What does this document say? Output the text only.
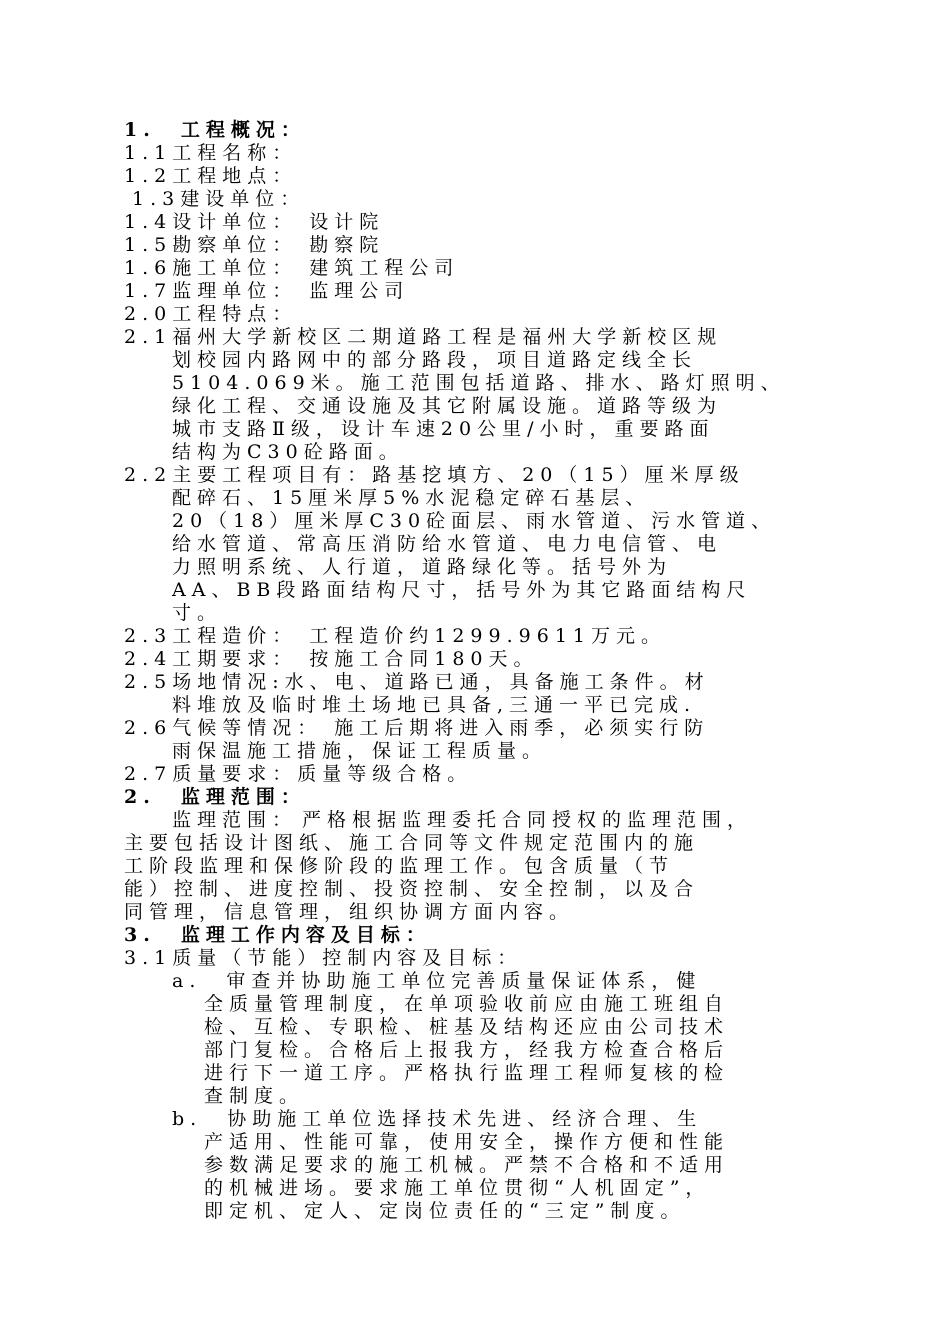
1.　工程概况：
1.1工程名称：
1.2工程地点：
1.3建设单位：
1.4设计单位： 设计院
1.5勘察单位： 勘察院
1.6施工单位： 建筑工程公司
1.7监理单位： 监理公司
2.0工程特点：
2.1福州大学新校区二期道路工程是福州大学新校区规
划校园内路网中的部分路段，项目道路定线全长
5104.069米。施工范围包括道路、排水、路灯照明、
绿化工程、交通设施及其它附属设施。道路等级为
城市支路Ⅱ级，设计车速20公里/小时，重要路面
结构为C30砼路面。
2.2主要工程项目有：路基挖填方、20（15）厘米厚级
配碎石、15厘米厚5%水泥稳定碎石基层、
20（18）厘米厚C30砼面层、雨水管道、污水管道、
给水管道、常高压消防给水管道、电力电信管、电
力照明系统、人行道，道路绿化等。括号外为
AA、BB段路面结构尺寸，括号外为其它路面结构尺
寸。
2.3工程造价： 工程造价约1299.9611万元。
2.4工期要求： 按施工合同180天。
2.5场地情况:水、电、道路已通，具备施工条件。材
料堆放及临时堆土场地已具备,三通一平已完成.
2.6气候等情况： 施工后期将进入雨季，必须实行防
雨保温施工措施，保证工程质量。
2.7质量要求：质量等级合格。
2.　监理范围：
严格根据监理委托合同授权的监理范围，
监理范围：
主要包括设计图纸、施工合同等文件规定范围内的施
工阶段监理和保修阶段的监理工作。包含质量（节
能）控制、进度控制、投资控制、安全控制，以及合
同管理，信息管理，组织协调方面内容。
3.　监理工作内容及目标：
3.1质量（节能）控制内容及目标：
a.　审查并协助施工单位完善质量保证体系，健
全质量管理制度，在单项验收前应由施工班组自
检、互检、专职检、桩基及结构还应由公司技术
部门复检。合格后上报我方，经我方检查合格后
进行下一道工序。严格执行监理工程师复核的检
查制度。
b.　协助施工单位选择技术先进、经济合理、生
产适用、性能可靠，使用安全，操作方便和性能
参数满足要求的施工机械。严禁不合格和不适用
的机械进场。要求施工单位贯彻“人机固定”，
即定机、定人、定岗位责任的“三定”制度。
